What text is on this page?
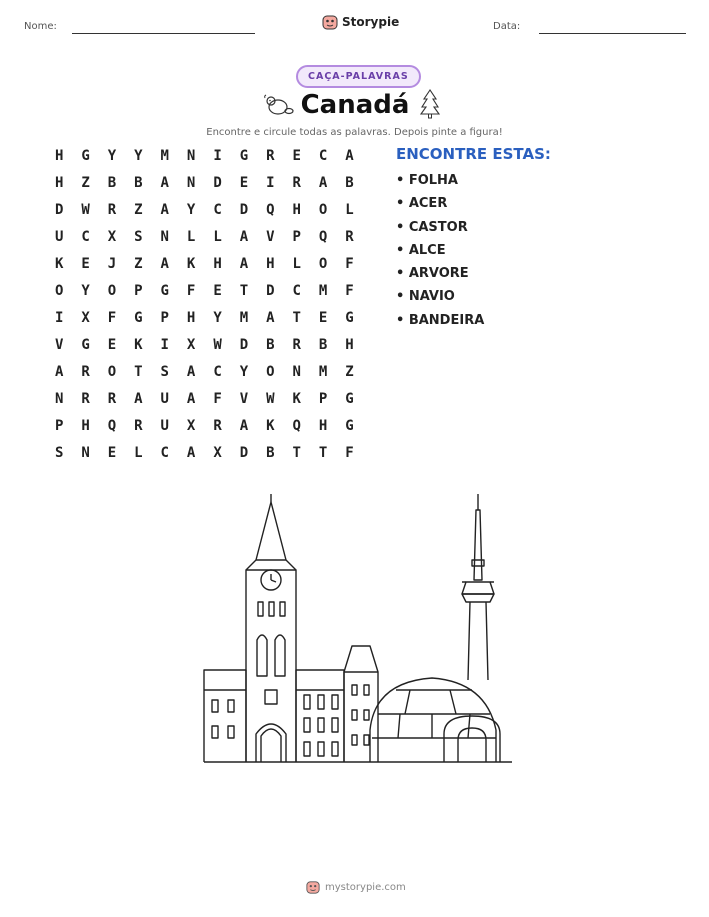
Nome:	Storypie	Data:
CAÇA-PALAVRAS
Canadá
Encontre e circule todas as palavras. Depois pinte a figura!
H	G	Y	Y	M	N	I	G	R	E	C	A
H	Z	B	B	A	N	D	E	I	R	A	B
D	W	R	Z	A	Y	C	D	Q	H	O	L
U	C	X	S	N	L	L	A	V	P	Q	R
K	E	J	Z	A	K	H	A	H	L	O	F
O	Y	O	P	G	F	E	T	D	C	M	F
I	X	F	G	P	H	Y	M	A	T	E	G
V	G	E	K	I	X	W	D	B	R	B	H
A	R	O	T	S	A	C	Y	O	N	M	Z
N	R	R	A	U	A	F	V	W	K	P	G
P	H	Q	R	U	X	R	A	K	Q	H	G
S	N	E	L	C	A	X	D	B	T	T	F
ENCONTRE ESTAS:
• FOLHA
• ACER
• CASTOR
• ALCE
• ARVORE
• NAVIO
• BANDEIRA
mystorypie.com
